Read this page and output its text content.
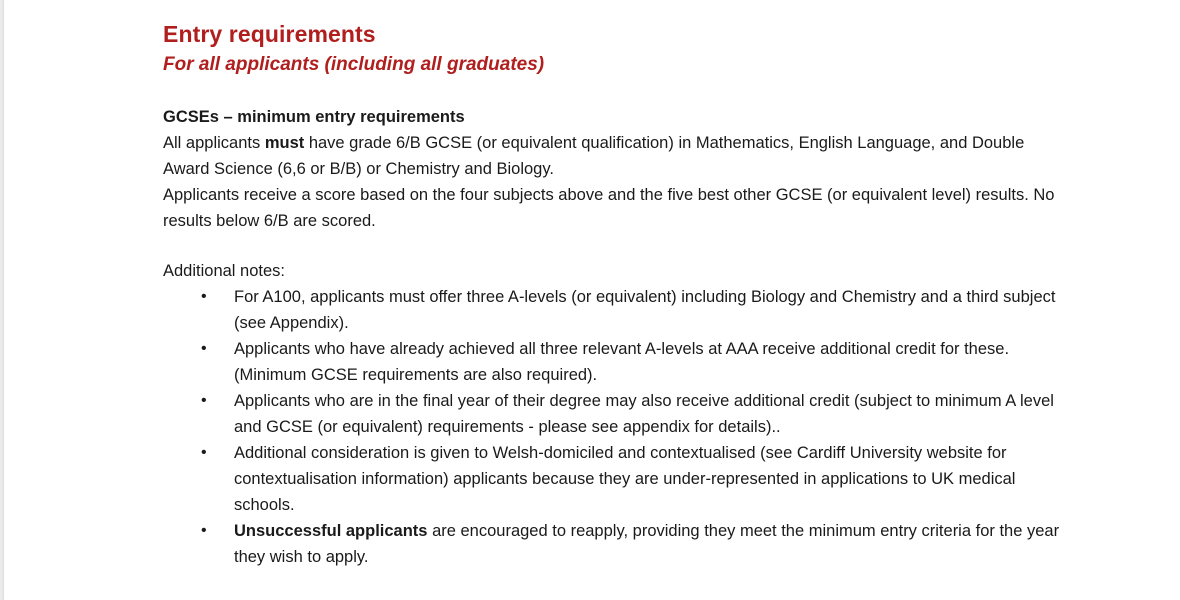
Entry requirements
For all applicants (including all graduates)
GCSEs – minimum entry requirements

All applicants must have grade 6/B GCSE (or equivalent qualification) in Mathematics, English Language, and Double Award Science (6,6 or B/B) or Chemistry and Biology.

Applicants receive a score based on the four subjects above and the five best other GCSE (or equivalent level) results. No results below 6/B are scored.

Additional notes:
• For A100, applicants must offer three A-levels (or equivalent) including Biology and Chemistry and a third subject (see Appendix).
• Applicants who have already achieved all three relevant A-levels at AAA receive additional credit for these. (Minimum GCSE requirements are also required).
• Applicants who are in the final year of their degree may also receive additional credit (subject to minimum A level and GCSE (or equivalent) requirements - please see appendix for details)..
• Additional consideration is given to Welsh-domiciled and contextualised (see Cardiff University website for contextualisation information) applicants because they are under-represented in applications to UK medical schools.
• Unsuccessful applicants are encouraged to reapply, providing they meet the minimum entry criteria for the year they wish to apply.
